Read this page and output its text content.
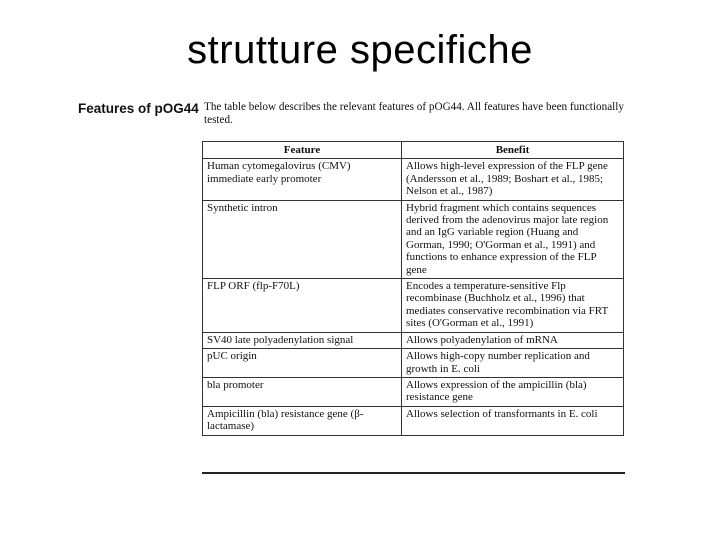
strutture specifiche
Features of pOG44 The table below describes the relevant features of pOG44. All features have been functionally tested.
Feature	Benefit
Human cytomegalovirus (CMV) immediate early promoter	Allows high-level expression of the FLP gene (Andersson et al., 1989; Boshart et al., 1985; Nelson et al., 1987)
Synthetic intron	Hybrid fragment which contains sequences derived from the adenovirus major late region and an IgG variable region (Huang and Gorman, 1990; O'Gorman et al., 1991) and functions to enhance expression of the FLP gene
FLP ORF (flp-F70L)	Encodes a temperature-sensitive Flp recombinase (Buchholz et al., 1996) that mediates conservative recombination via FRT sites (O'Gorman et al., 1991)
SV40 late polyadenylation signal	Allows polyadenylation of mRNA
pUC origin	Allows high-copy number replication and growth in E. coli
bla promoter	Allows expression of the ampicillin (bla) resistance gene
Ampicillin (bla) resistance gene (β-lactamase)	Allows selection of transformants in E. coli
